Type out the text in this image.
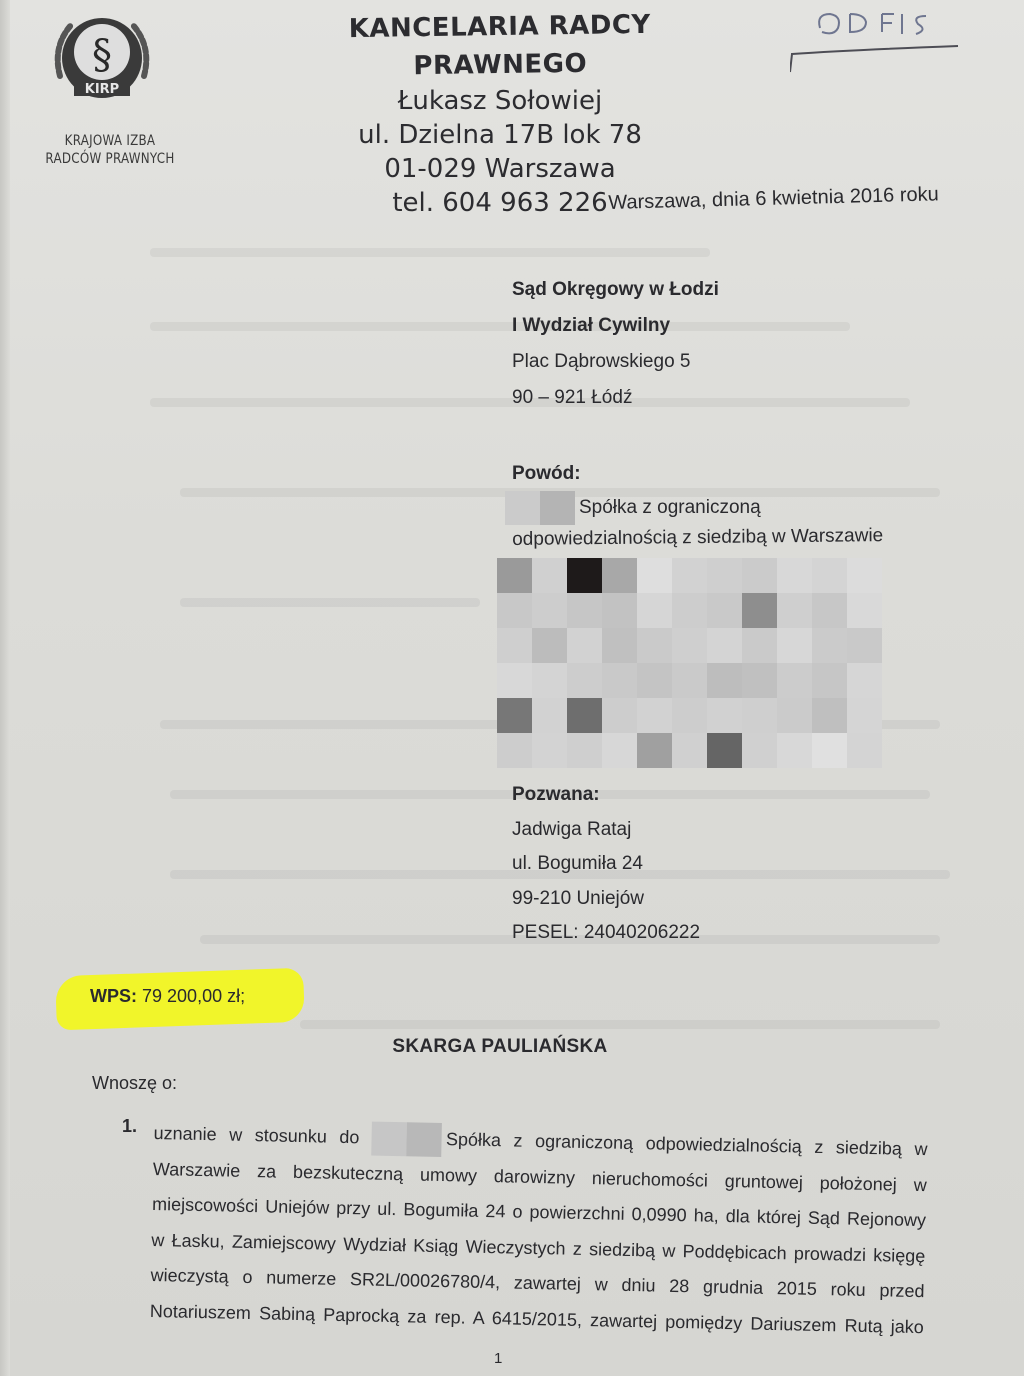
§
KIRP
KRAJOWA IZBA
RADCÓW PRAWNYCH
KANCELARIA RADCY PRAWNEGO
Łukasz Sołowiej
ul. Dzielna 17B lok 78
01-029 Warszawa
tel. 604 963 226 Warszawa, dnia 6 kwietnia 2016 roku
Sąd Okręgowy w Łodzi
I Wydział Cywilny
Plac Dąbrowskiego 5
90 – 921 Łódź
Powód:
Spółka z ograniczoną
odpowiedzialnością z siedzibą w Warszawie
Pozwana:
Jadwiga Rataj
ul. Bogumiła 24
99-210 Uniejów
PESEL: 24040206222
WPS: 79 200,00 zł;
SKARGA PAULIAŃSKA
Wnoszę o:
1. uznanie w stosunku do	Spółka z ograniczoną odpowiedzialnością z siedzibą w
Warszawie za bezskuteczną umowy darowizny nieruchomości gruntowej położonej w
miejscowości Uniejów przy ul. Bogumiła 24 o powierzchni 0,0990 ha, dla której Sąd Rejonowy
w Łasku, Zamiejscowy Wydział Ksiąg Wieczystych z siedzibą w Poddębicach prowadzi księgę
wieczystą o numerze SR2L/00026780/4, zawartej w dniu 28 grudnia 2015 roku przed
Notariuszem Sabiną Paprocką za rep. A 6415/2015, zawartej pomiędzy Dariuszem Rutą jako
1
